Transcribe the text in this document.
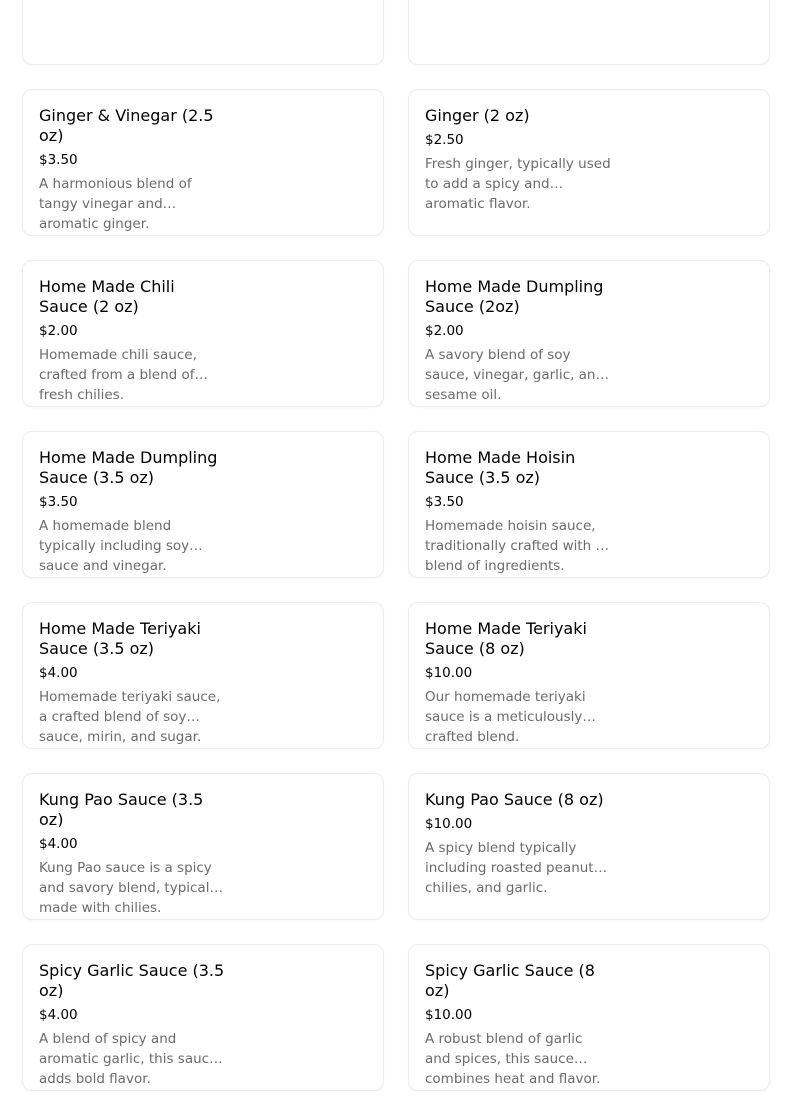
Ginger & Vinegar (2.5 oz)
$3.50
A harmonious blend of tangy vinegar and aromatic ginger.
Ginger (2 oz)
$2.50
Fresh ginger, typically used to add a spicy and aromatic flavor.
Home Made Chili Sauce (2 oz)
$2.00
Homemade chili sauce, crafted from a blend of fresh chilies.
Home Made Dumpling Sauce (2oz)
$2.00
A savory blend of soy sauce, vinegar, garlic, and sesame oil.
Home Made Dumpling Sauce (3.5 oz)
$3.50
A homemade blend typically including soy sauce and vinegar.
Home Made Hoisin Sauce (3.5 oz)
$3.50
Homemade hoisin sauce, traditionally crafted with a blend of ingredients.
Home Made Teriyaki Sauce (3.5 oz)
$4.00
Homemade teriyaki sauce, a crafted blend of soy sauce, mirin, and sugar.
Home Made Teriyaki Sauce (8 oz)
$10.00
Our homemade teriyaki sauce is a meticulously crafted blend.
Kung Pao Sauce (3.5 oz)
$4.00
Kung Pao sauce is a spicy and savory blend, typically made with chilies.
Kung Pao Sauce (8 oz)
$10.00
A spicy blend typically including roasted peanuts, chilies, and garlic.
Spicy Garlic Sauce (3.5 oz)
$4.00
A blend of spicy and aromatic garlic, this sauce adds bold flavor.
Spicy Garlic Sauce (8 oz)
$10.00
A robust blend of garlic and spices, this sauce combines heat and flavor.
